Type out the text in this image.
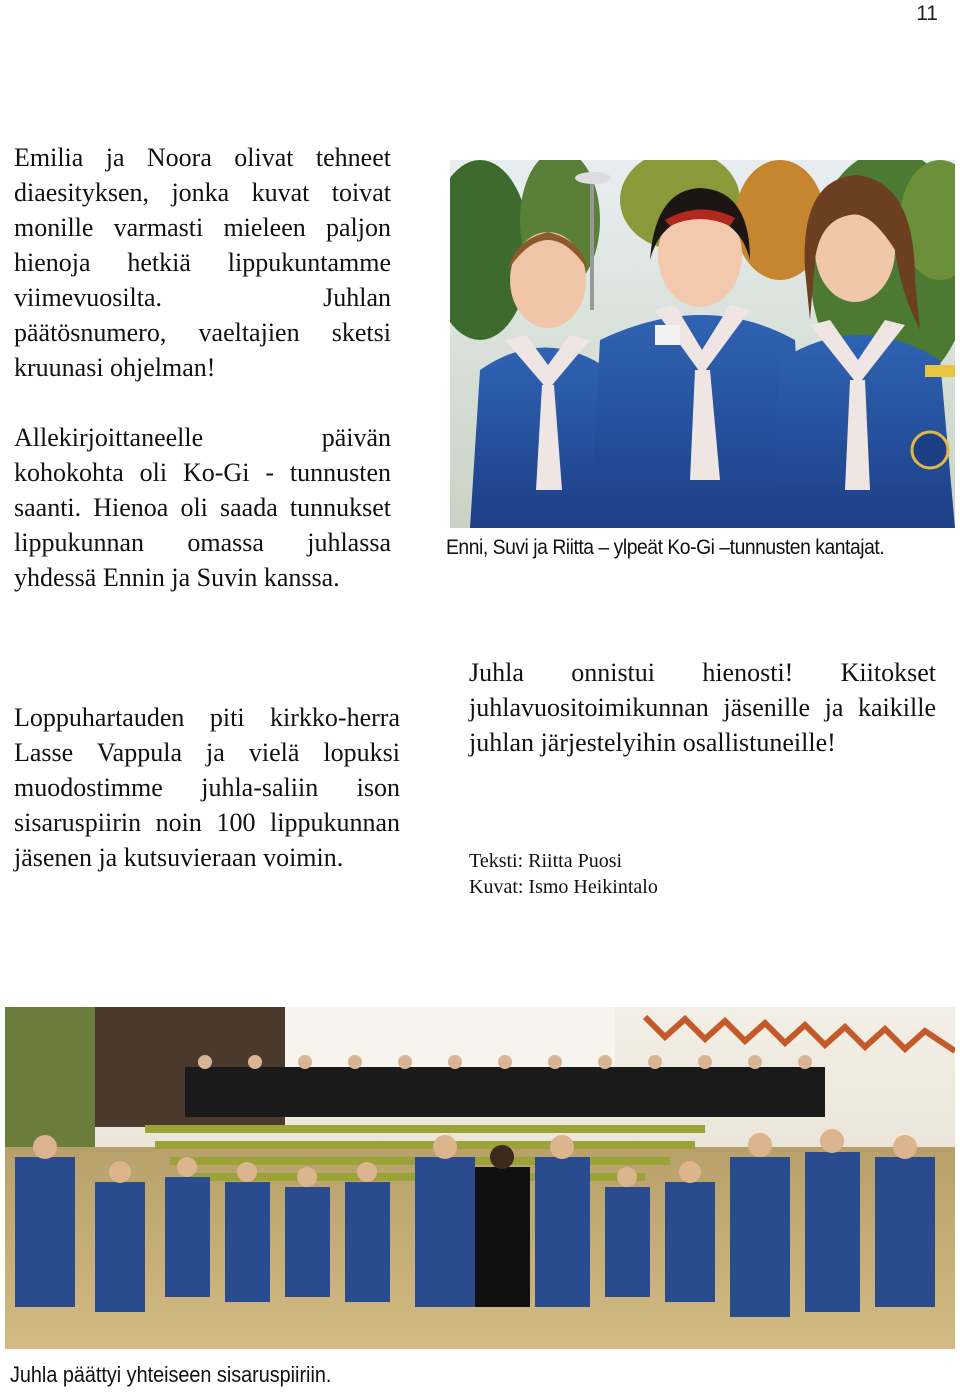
11

Emilia ja Noora olivat tehneet diaesityksen, jonka kuvat toivat monille varmasti mieleen paljon hienoja hetkiä lippukuntamme viimevuosilta. Juhlan päätösnumero, vaeltajien sketsi kruunasi ohjelman!

Allekirjoittaneelle päivän kohokohta oli Ko-Gi - tunnusten saanti. Hienoa oli saada tunnukset lippukunnan omassa juhlassa yhdessä Ennin ja Suvin kanssa.

Loppuhartauden piti kirkko-herra Lasse Vappula ja vielä lopuksi muodostimme juhla-saliin ison sisaruspiirin noin 100 lippukunnan jäsenen ja kutsuvieraan voimin.

Enni, Suvi ja Riitta – ylpeät Ko-Gi –tunnusten kantajat.
Juhla onnistui hienosti! Kiitokset juhlavuositoimikunnan jäsenille ja kaikille juhlan järjestelyihin osallistuneille!
Teksti: Riitta Puosi
Kuvat: Ismo Heikintalo
Juhla päättyi yhteiseen sisaruspiiriin.
